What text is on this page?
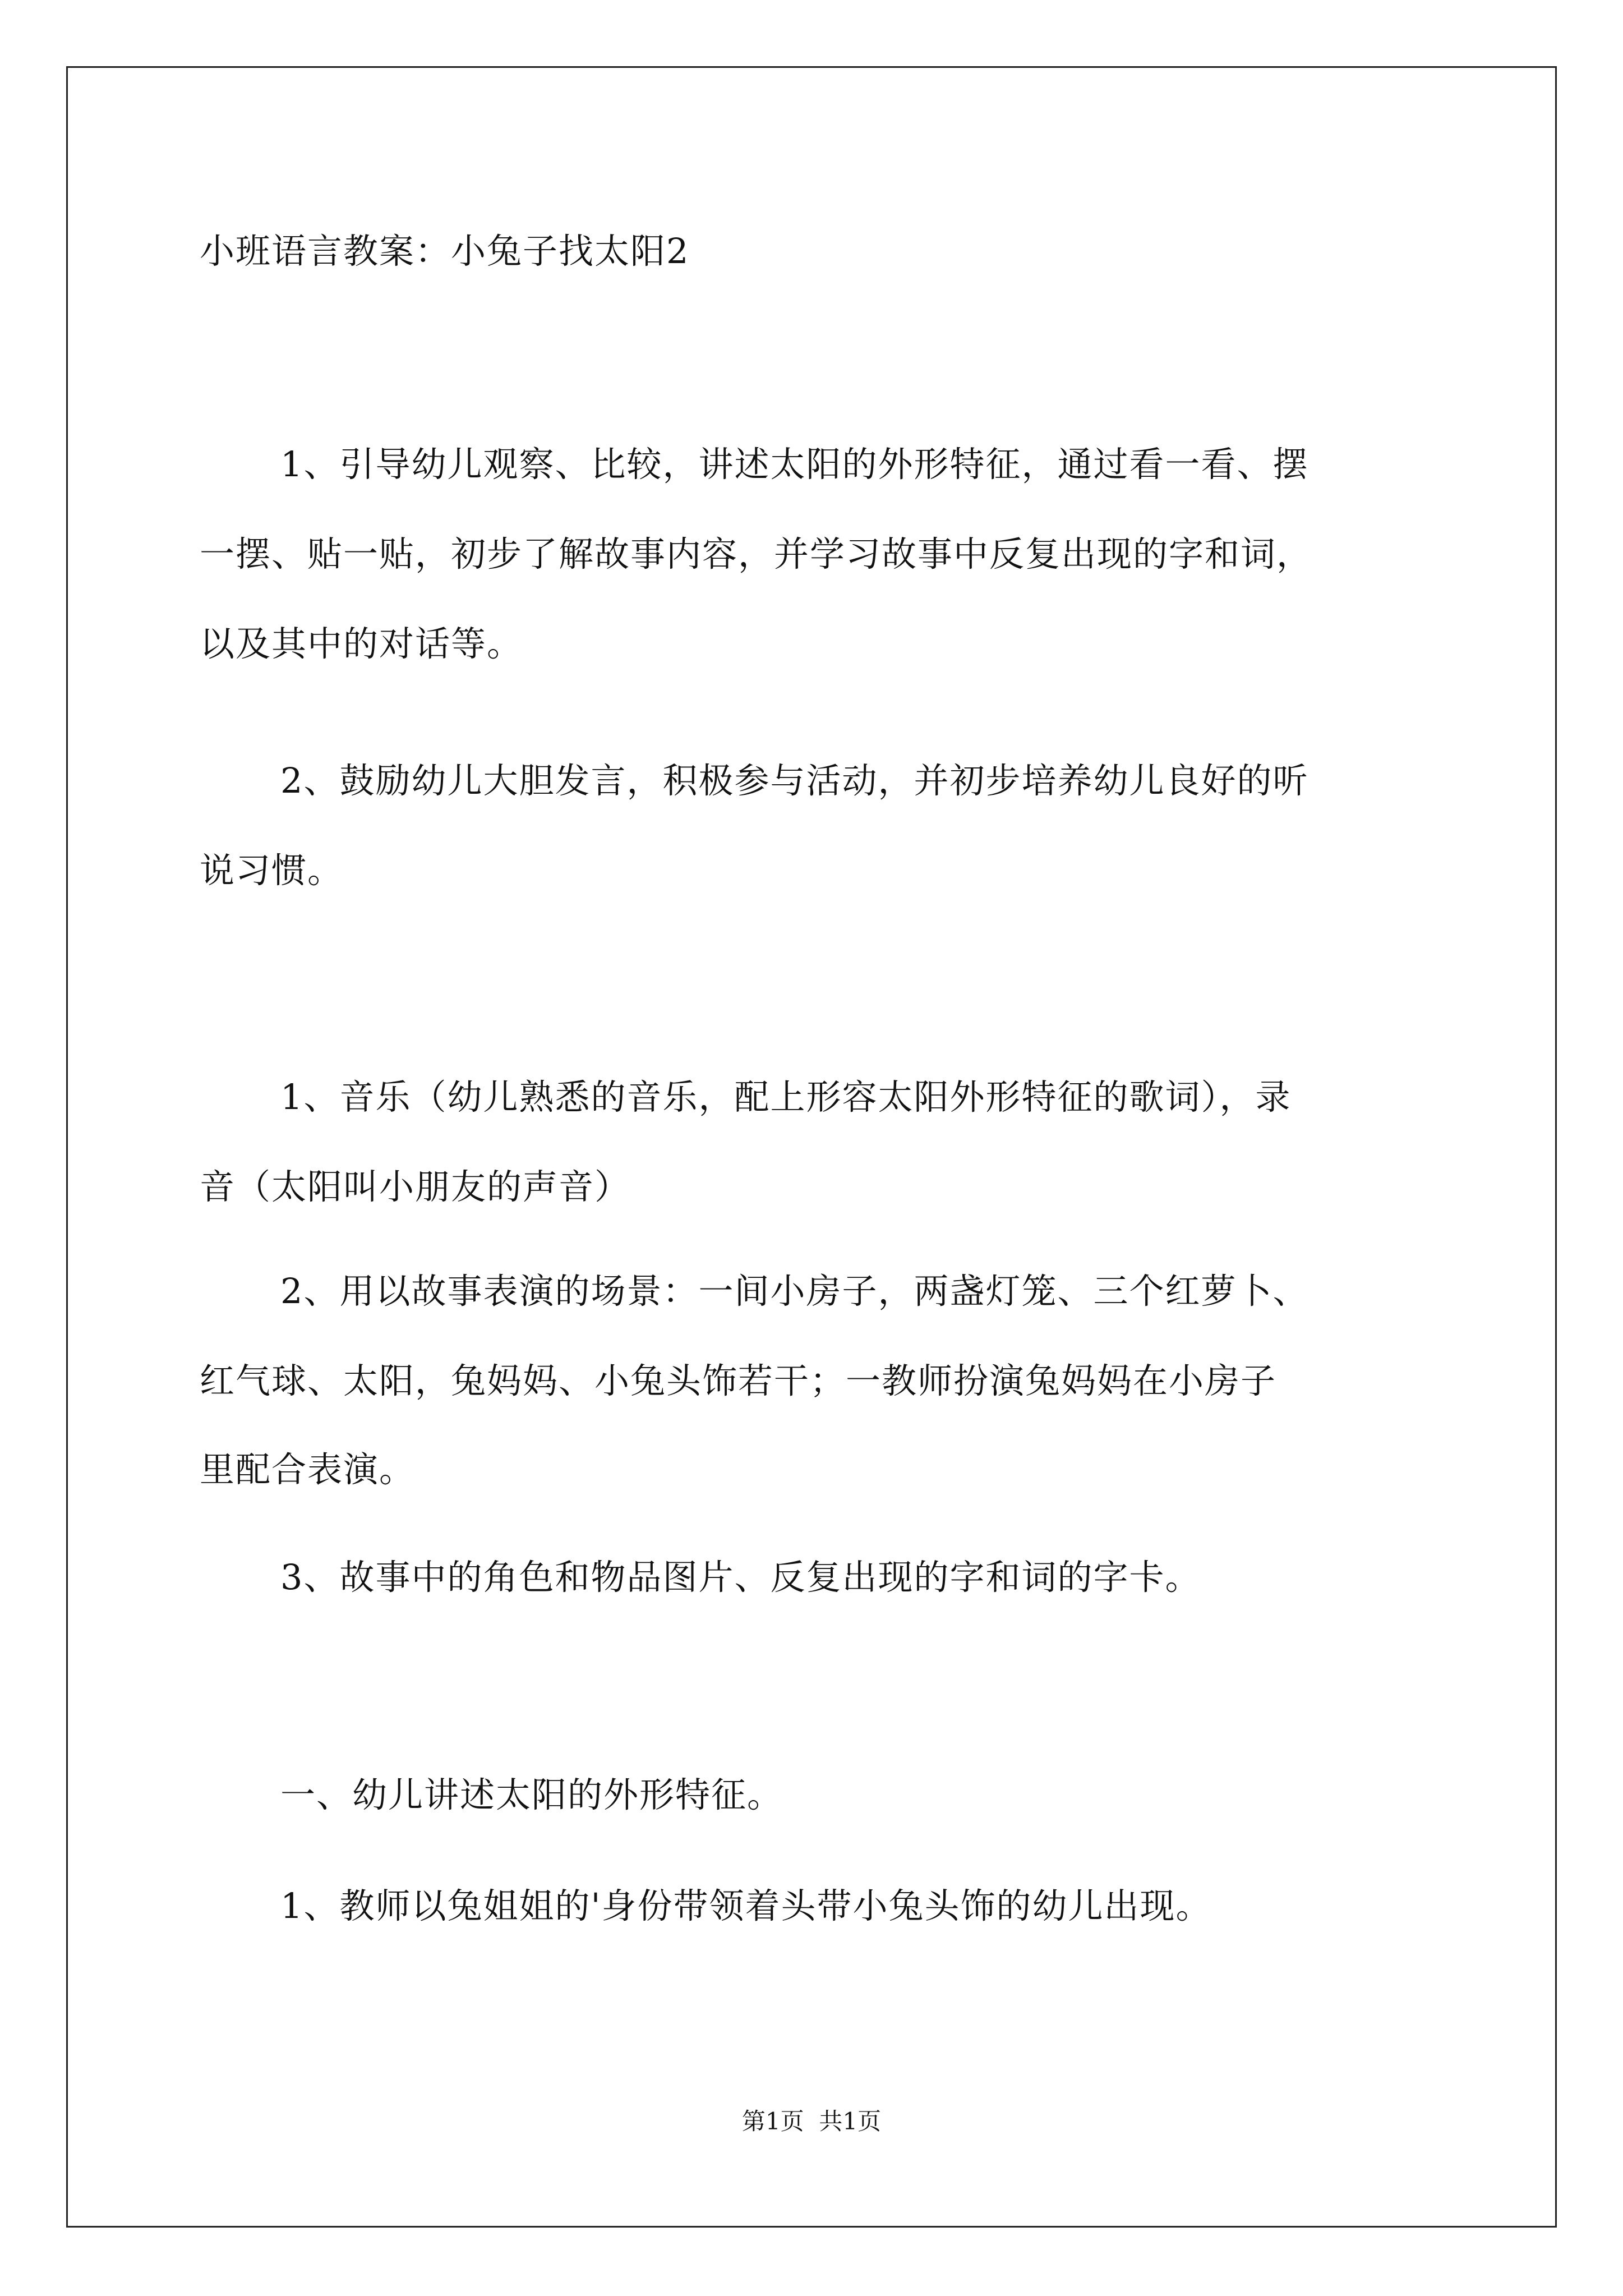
小班语言教案：小兔子找太阳2
1、引导幼儿观察、比较，讲述太阳的外形特征，通过看一看、摆
一摆、贴一贴，初步了解故事内容，并学习故事中反复出现的字和词，
以及其中的对话等。
2、鼓励幼儿大胆发言，积极参与活动，并初步培养幼儿良好的听
说习惯。
1、音乐（幼儿熟悉的音乐，配上形容太阳外形特征的歌词），录
音（太阳叫小朋友的声音）
2、用以故事表演的场景：一间小房子，两盏灯笼、三个红萝卜、
红气球、太阳，兔妈妈、小兔头饰若干；一教师扮演兔妈妈在小房子
里配合表演。
3、故事中的角色和物品图片、反复出现的字和词的字卡。
一、幼儿讲述太阳的外形特征。
1、教师以兔姐姐的'身份带领着头带小兔头饰的幼儿出现。
第1页  共1页
